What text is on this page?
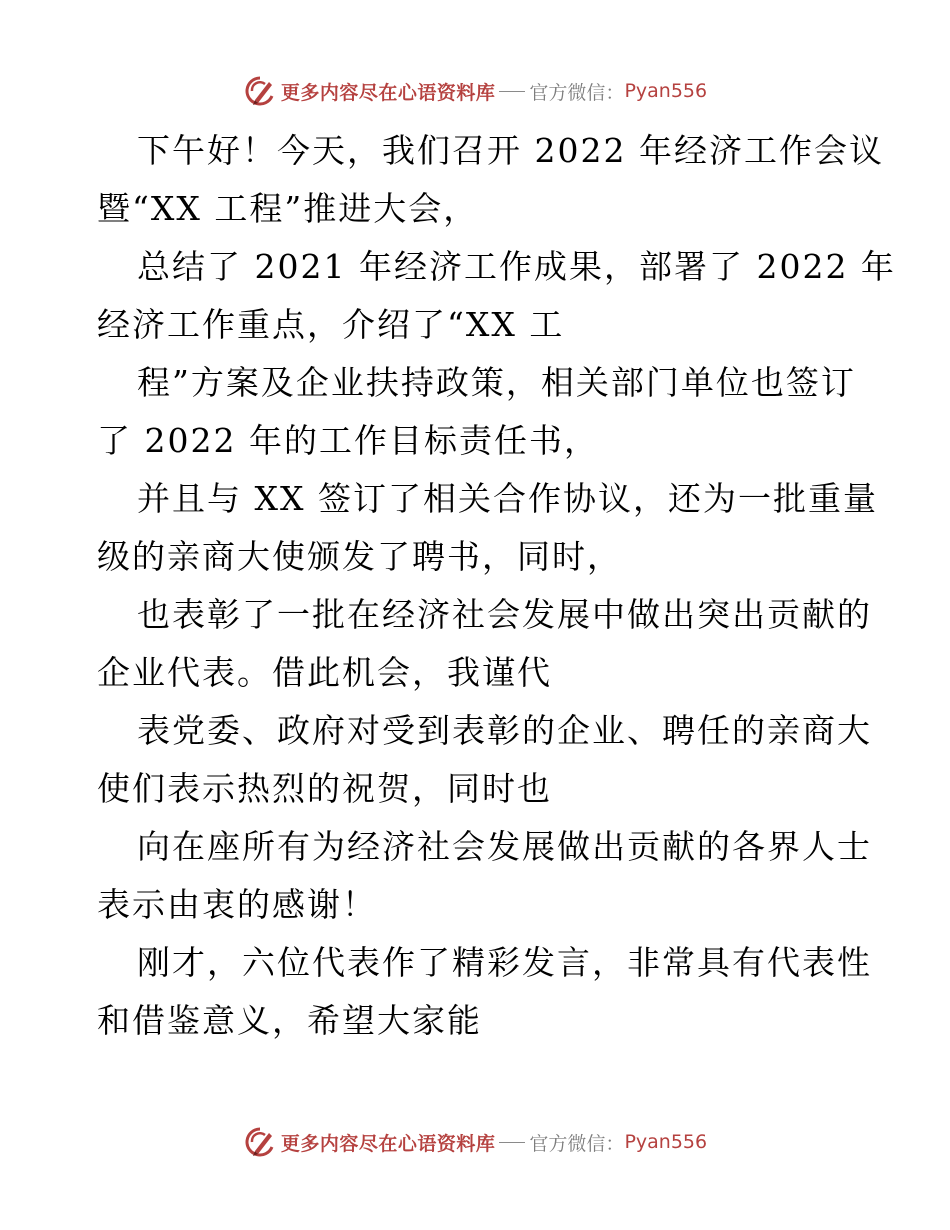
更多内容尽在心语资料库 官方微信： Pyan556
下午好！今天，我们召开 2022 年经济工作会议
暨“XX 工程”推进大会，
总结了 2021 年经济工作成果，部署了 2022 年
经济工作重点，介绍了“XX 工
程”方案及企业扶持政策，相关部门单位也签订
了 2022 年的工作目标责任书，
并且与 XX 签订了相关合作协议，还为一批重量
级的亲商大使颁发了聘书，同时，
也表彰了一批在经济社会发展中做出突出贡献的
企业代表。借此机会，我谨代
表党委、政府对受到表彰的企业、聘任的亲商大
使们表示热烈的祝贺，同时也
向在座所有为经济社会发展做出贡献的各界人士
表示由衷的感谢！
刚才，六位代表作了精彩发言，非常具有代表性
和借鉴意义，希望大家能
更多内容尽在心语资料库 官方微信： Pyan556
